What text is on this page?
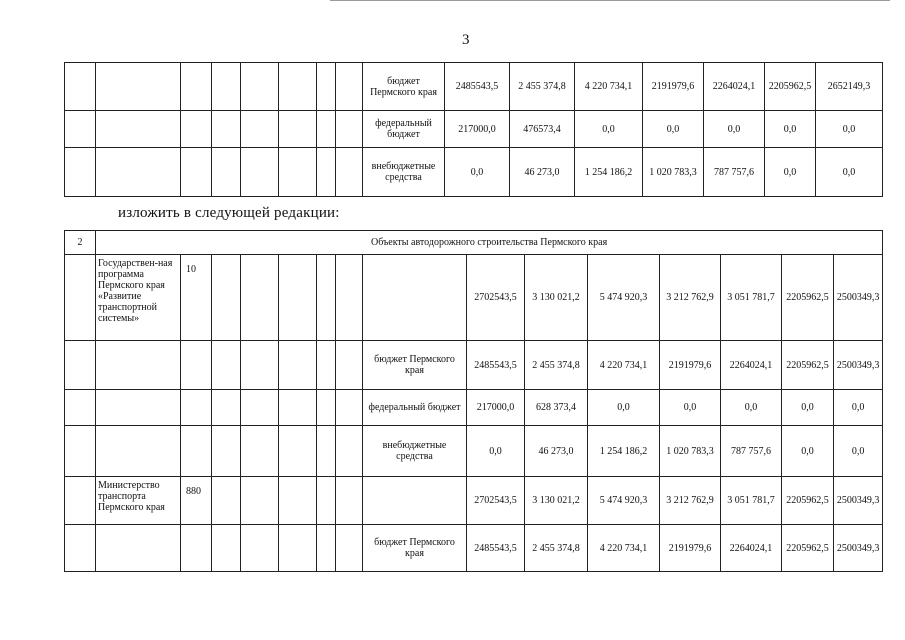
3
								бюджет Пермского края	2485543,5	2 455 374,8	4 220 734,1	2191979,6	2264024,1	2205962,5	2652149,3
								федеральный бюджет	217000,0	476573,4	0,0	0,0	0,0	0,0	0,0
								внебюджетные средства	0,0	46 273,0	1 254 186,2	1 020 783,3	787 757,6	0,0	0,0
изложить в следующей редакции:
2	Объекты автодорожного строительства Пермского края														
	Государствен-ная программа Пермского края «Развитие транспортной системы»	10							2702543,5	3 130 021,2	5 474 920,3	3 212 762,9	3 051 781,7	2205962,5	2500349,3
								бюджет Пермского края	2485543,5	2 455 374,8	4 220 734,1	2191979,6	2264024,1	2205962,5	2500349,3
								федеральный бюджет	217000,0	628 373,4	0,0	0,0	0,0	0,0	0,0
								внебюджетные средства	0,0	46 273,0	1 254 186,2	1 020 783,3	787 757,6	0,0	0,0
	Министерство транспорта Пермского края	880							2702543,5	3 130 021,2	5 474 920,3	3 212 762,9	3 051 781,7	2205962,5	2500349,3
								бюджет Пермского края	2485543,5	2 455 374,8	4 220 734,1	2191979,6	2264024,1	2205962,5	2500349,3
